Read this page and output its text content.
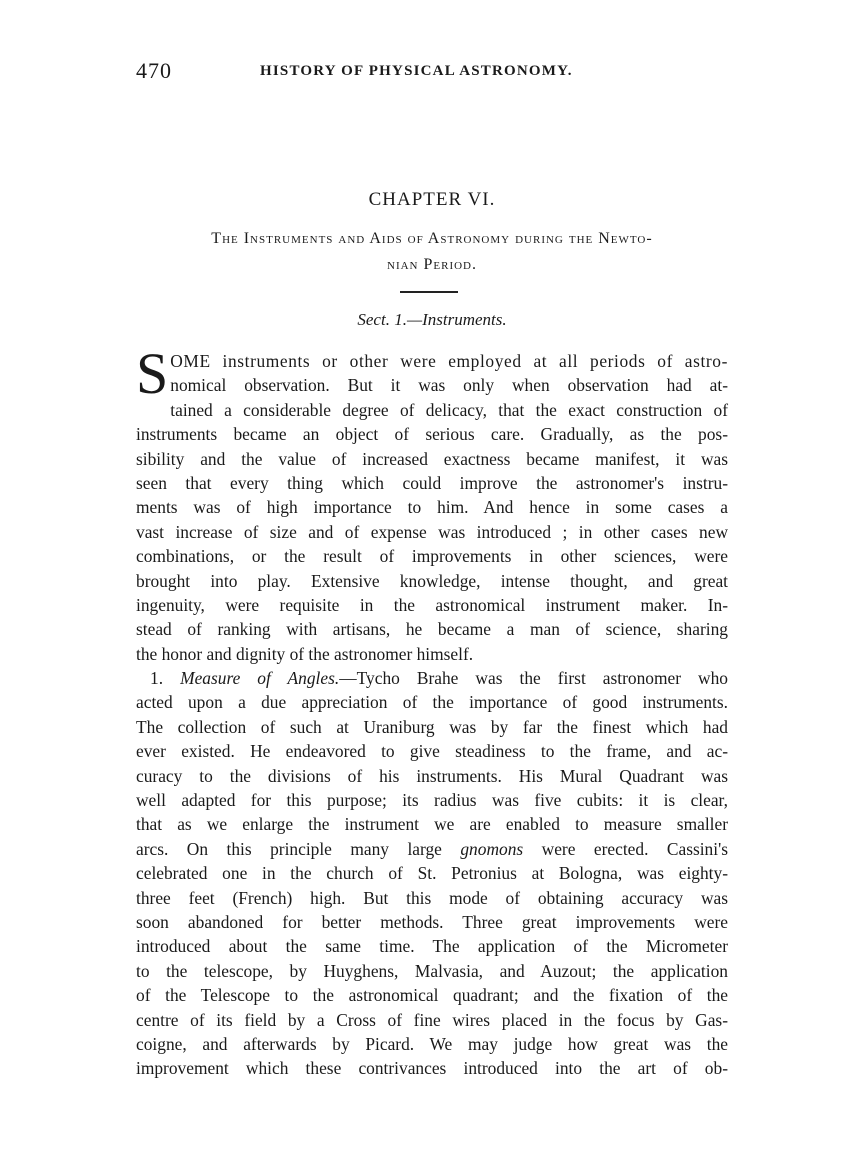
470	HISTORY OF PHYSICAL ASTRONOMY.
CHAPTER VI.
The Instruments and Aids of Astronomy during the Newto-
nian Period.
Sect. 1.—Instruments.
S OME instruments or other were employed at all periods of astro-
nomical observation. But it was only when observation had at-
tained a considerable degree of delicacy, that the exact construction of
instruments became an object of serious care. Gradually, as the pos-
sibility and the value of increased exactness became manifest, it was
seen that every thing which could improve the astronomer's instru-
ments was of high importance to him. And hence in some cases a
vast increase of size and of expense was introduced ; in other cases new
combinations, or the result of improvements in other sciences, were
brought into play. Extensive knowledge, intense thought, and great
ingenuity, were requisite in the astronomical instrument maker. In-
stead of ranking with artisans, he became a man of science, sharing
the honor and dignity of the astronomer himself.
1. Measure of Angles.—Tycho Brahe was the first astronomer who
acted upon a due appreciation of the importance of good instruments.
The collection of such at Uraniburg was by far the finest which had
ever existed. He endeavored to give steadiness to the frame, and ac-
curacy to the divisions of his instruments. His Mural Quadrant was
well adapted for this purpose; its radius was five cubits: it is clear,
that as we enlarge the instrument we are enabled to measure smaller
arcs. On this principle many large gnomons were erected. Cassini's
celebrated one in the church of St. Petronius at Bologna, was eighty-
three feet (French) high. But this mode of obtaining accuracy was
soon abandoned for better methods. Three great improvements were
introduced about the same time. The application of the Micrometer
to the telescope, by Huyghens, Malvasia, and Auzout; the application
of the Telescope to the astronomical quadrant; and the fixation of the
centre of its field by a Cross of fine wires placed in the focus by Gas-
coigne, and afterwards by Picard. We may judge how great was the
improvement which these contrivances introduced into the art of ob-
